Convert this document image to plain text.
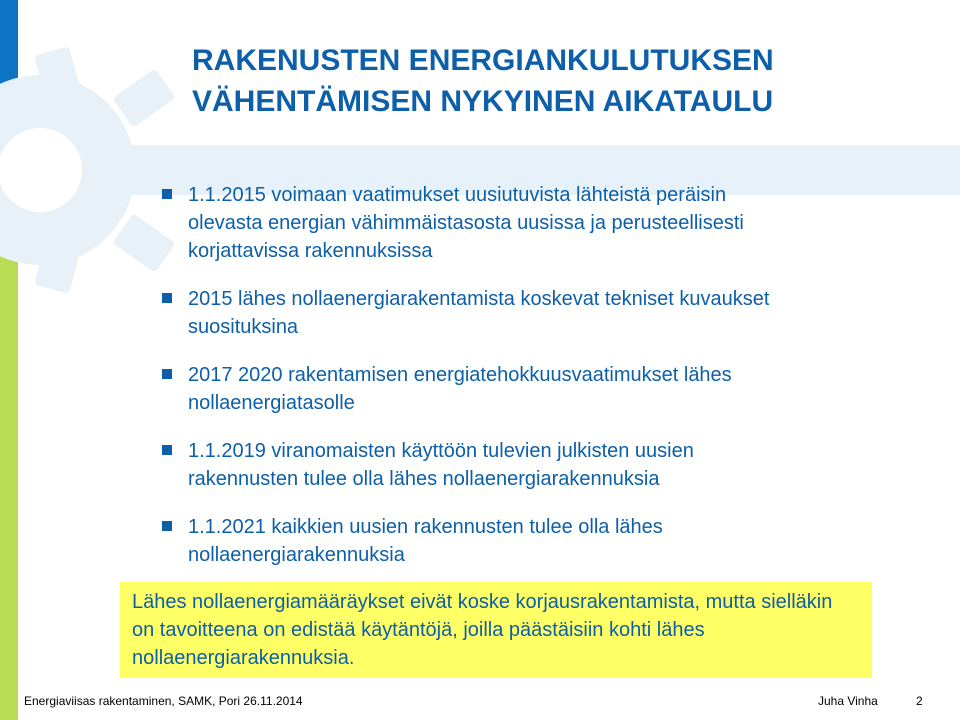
RAKENUSTEN ENERGIANKULUTUKSEN VÄHENTÄMISEN NYKYINEN AIKATAULU
1.1.2015 voimaan vaatimukset uusiutuvista lähteistä peräisin olevasta energian vähimmäistasosta uusissa ja perusteellisesti korjattavissa rakennuksissa
2015 lähes nollaenergiarakentamista koskevat tekniset kuvaukset suosituksina
2017 2020 rakentamisen energiatehokkuusvaatimukset lähes nollaenergiatasolle
1.1.2019 viranomaisten käyttöön tulevien julkisten uusien rakennusten tulee olla lähes nollaenergiarakennuksia
1.1.2021 kaikkien uusien rakennusten tulee olla lähes nollaenergiarakennuksia
Lähes nollaenergiamääräykset eivät koske korjausrakentamista, mutta sielläkin on tavoitteena on edistää käytäntöjä, joilla päästäisiin kohti lähes nollaenergiarakennuksia.
Energiaviisas rakentaminen, SAMK, Pori 26.11.2014	Juha Vinha	2
